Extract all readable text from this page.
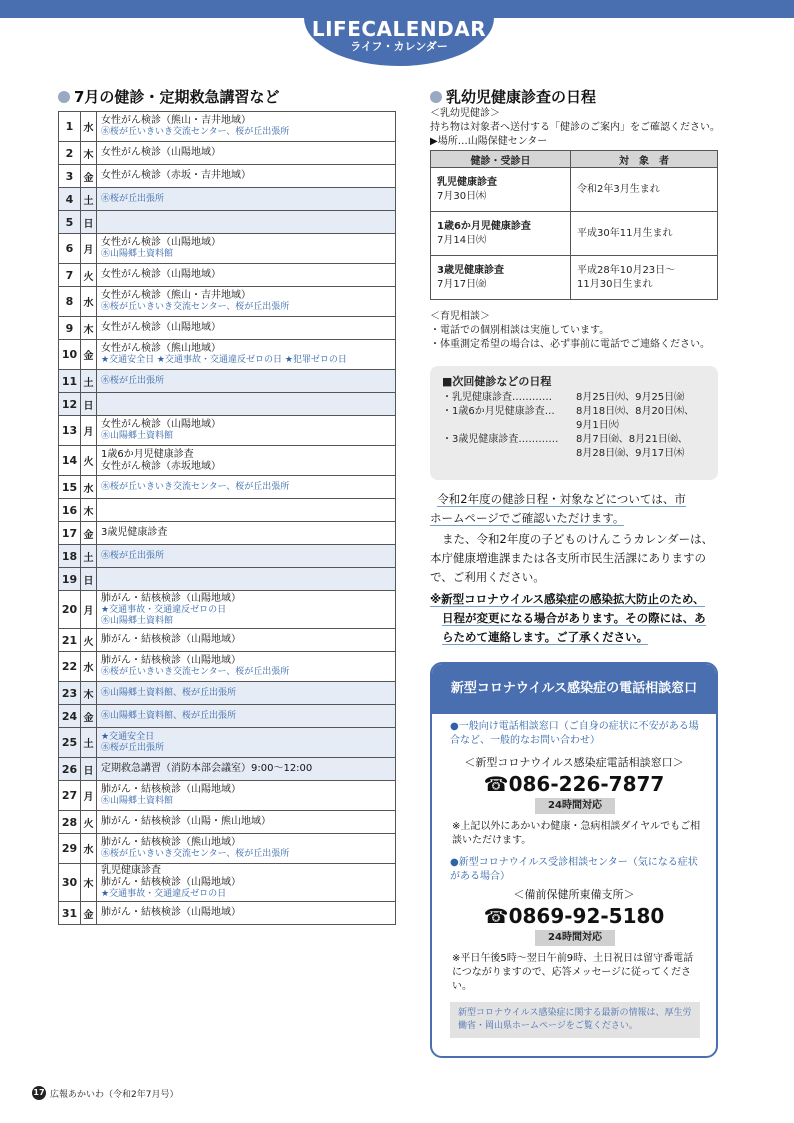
LIFECALENDAR
ライフ・カレンダー
7月の健診・定期救急講習など
1	水	女性がん検診（熊山・吉井地域）
㊌桜が丘いきいき交流センター、桜が丘出張所

2	木	女性がん検診（山陽地域）

3	金	女性がん検診（赤坂・吉井地域）

4	土	㊌桜が丘出張所

5	日	
6	月	女性がん検診（山陽地域）
㊌山陽郷土資料館

7	火	女性がん検診（山陽地域）

8	水	女性がん検診（熊山・吉井地域）
㊌桜が丘いきいき交流センター、桜が丘出張所

9	木	女性がん検診（山陽地域）

10	金	女性がん検診（熊山地域）
★交通安全日 ★交通事故・交通違反ゼロの日 ★犯罪ゼロの日

11	土	㊌桜が丘出張所

12	日	
13	月	女性がん検診（山陽地域）
㊌山陽郷土資料館

14	火	1歳6か月児健康診査
女性がん検診（赤坂地域）

15	水	㊌桜が丘いきいき交流センター、桜が丘出張所

16	木	
17	金	3歳児健康診査

18	土	㊌桜が丘出張所

19	日	
20	月	肺がん・結核検診（山陽地域）
★交通事故・交通違反ゼロの日
㊌山陽郷土資料館

21	火	肺がん・結核検診（山陽地域）

22	水	肺がん・結核検診（山陽地域）
㊌桜が丘いきいき交流センター、桜が丘出張所

23	木	㊌山陽郷土資料館、桜が丘出張所

24	金	㊌山陽郷土資料館、桜が丘出張所

25	土	★交通安全日
㊌桜が丘出張所

26	日	定期救急講習（消防本部会議室）9:00～12:00

27	月	肺がん・結核検診（山陽地域）
㊌山陽郷土資料館

28	火	肺がん・結核検診（山陽・熊山地域）

29	水	肺がん・結核検診（熊山地域）
㊌桜が丘いきいき交流センター、桜が丘出張所

30	木	乳児健康診査
肺がん・結核検診（山陽地域）
★交通事故・交通違反ゼロの日

31	金	肺がん・結核検診（山陽地域）
乳幼児健康診査の日程
＜乳幼児健診＞
持ち物は対象者へ送付する「健診のご案内」をご確認ください。
▶場所…山陽保健センター
健診・受診日	対　象　者

乳児健康診査
7月30日㈭	令和2年3月生まれ

1歳6か月児健康診査
7月14日㈫	平成30年11月生まれ

3歳児健康診査
7月17日㈮	平成28年10月23日～
11月30日生まれ
＜育児相談＞
・電話での個別相談は実施しています。
・体重測定希望の場合は、必ず事前に電話でご連絡ください。
■次回健診などの日程
・乳児健康診査…………	8月25日㈫、9月25日㈮
・1歳6か月児健康診査…	8月18日㈫、8月20日㈭、
9月1日㈫
・3歳児健康診査…………	8月7日㈮、8月21日㈮、
8月28日㈮、9月17日㈭
令和2年度の健診日程・対象などについては、市
ホームページでご確認いただけます。
また、令和2年度の子どものけんこうカレンダーは、本庁健康増進課または各支所市民生活課にありますので、ご利用ください。
※新型コロナウイルス感染症の感染拡大防止のため、
日程が変更になる場合があります。その際には、あ
らためて連絡します。ご了承ください。
新型コロナウイルス感染症の電話相談窓口
●一般向け電話相談窓口（ご自身の症状に不安がある場合など、一般的なお問い合わせ）
＜新型コロナウイルス感染症電話相談窓口＞
☎086-226-7877
24時間対応
※上記以外にあかいわ健康・急病相談ダイヤルでもご相談いただけます。
●新型コロナウイルス受診相談センター（気になる症状がある場合）
＜備前保健所東備支所＞
☎0869-92-5180
24時間対応
※平日午後5時～翌日午前9時、土日祝日は留守番電話につながりますので、応答メッセージに従ってください。
新型コロナウイルス感染症に関する最新の情報は、厚生労働省・岡山県ホームページをご覧ください。
17 広報あかいわ（令和2年7月号）
